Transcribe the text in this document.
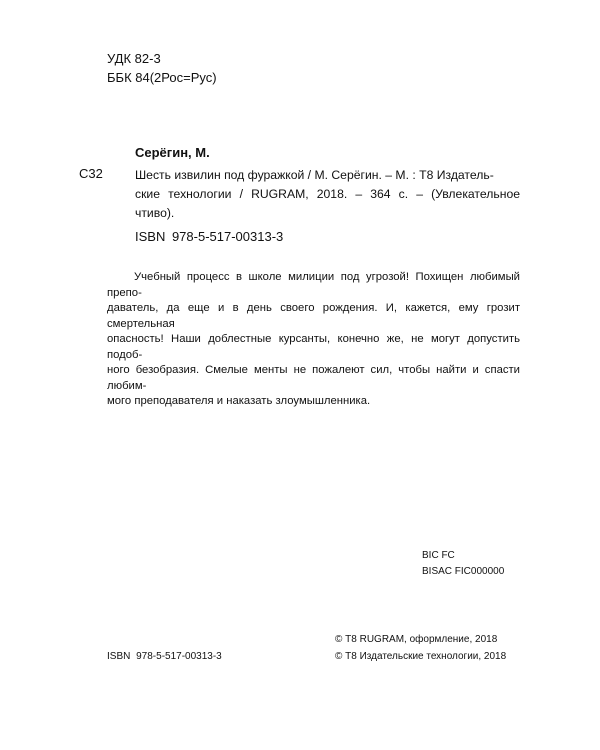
УДК 82-3
ББК 84(2Рос=Рус)
Серёгин, М.
С32	Шесть извилин под фуражкой / М. Серёгин. – М. : Т8 Издатель-
ские технологии / RUGRAM, 2018. – 364 с. – (Увлекательное чтиво).
ISBN 978-5-517-00313-3
Учебный процесс в школе милиции под угрозой! Похищен любимый препо-
даватель, да еще и в день своего рождения. И, кажется, ему грозит смертельная
опасность! Наши доблестные курсанты, конечно же, не могут допустить подоб-
ного безобразия. Смелые менты не пожалеют сил, чтобы найти и спасти любим-
мого преподавателя и наказать злоумышленника.
BIC FC
BISAC FIC000000
© Т8 RUGRAM, оформление, 2018
ISBN 978-5-517-00313-3	© Т8 Издательские технологии, 2018
